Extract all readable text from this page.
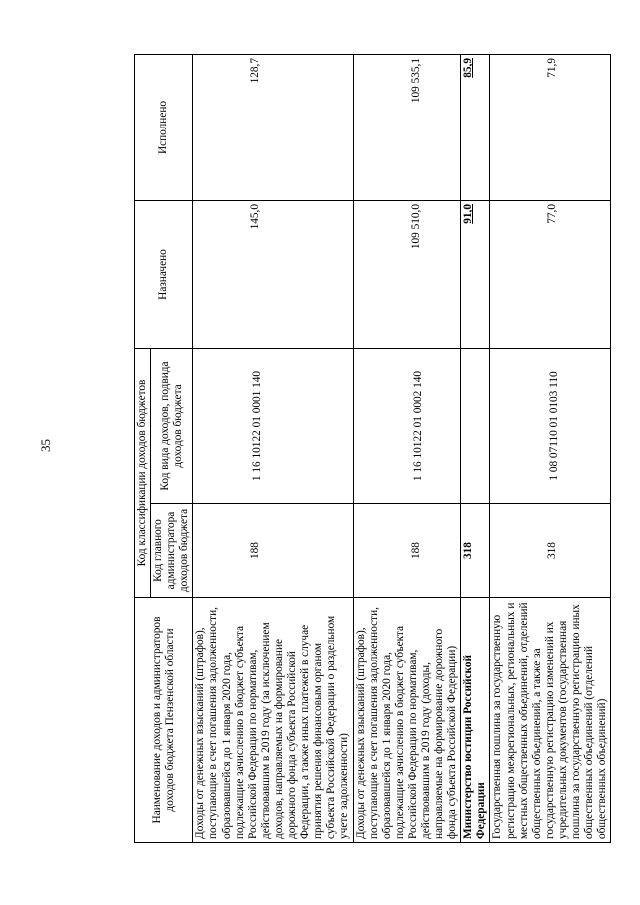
35
Наименование доходов и администраторов доходов бюджета Пензенской области	Код классификации доходов бюджетов		Назначено	Исполнено
	Код главного администратора доходов бюджета	Код вида доходов, подвида доходов бюджета		
Доходы от денежных взысканий (штрафов), поступающие в счет погашения задолженности, образовавшейся до 1 января 2020 года, подлежащие зачислению в бюджет субъекта Российской Федерации по нормативам, действовавшим в 2019 году (за исключением доходов, направляемых на формирование дорожного фонда субъекта Российской Федерации, а также иных платежей в случае принятия решения финансовым органом субъекта Российской Федерации о раздельном учете задолженности)	188	1 16 10122 01 0001 140	145,0	128,7
Доходы от денежных взысканий (штрафов), поступающие в счет погашения задолженности, образовавшейся до 1 января 2020 года, подлежащие зачислению в бюджет субъекта Российской Федерации по нормативам, действовавшим в 2019 году (доходы, направляемые на формирование дорожного фонда субъекта Российской Федерации)	188	1 16 10122 01 0002 140	109 510,0	109 535,1
Министерство юстиции Российской Федерации	318		91,0	85,9
Государственная пошлина за государственную регистрацию межрегиональных, региональных и местных общественных объединений, отделений общественных объединений, а также за государственную регистрацию изменений их учредительных документов (государственная пошлина за государственную регистрацию иных общественных объединений (отделений общественных объединений)	318	1 08 07110 01 0103 110	77,0	71,9
